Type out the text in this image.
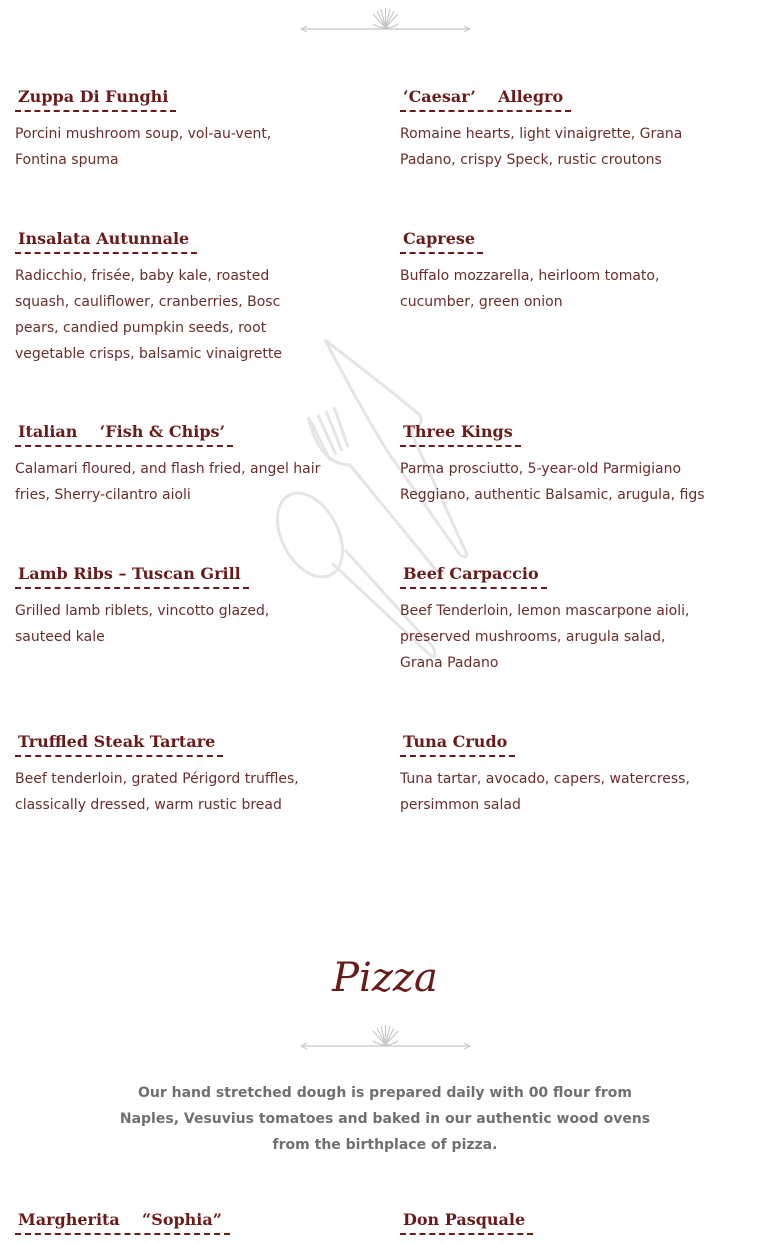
Zuppa Di Funghi
Porcini mushroom soup, vol-au-vent, Fontina spuma
‘Caesar’    Allegro
Romaine hearts, light vinaigrette, Grana Padano, crispy Speck, rustic croutons
Insalata Autunnale
Radicchio, frisée, baby kale, roasted squash, cauliflower, cranberries, Bosc pears, candied pumpkin seeds, root vegetable crisps, balsamic vinaigrette
Caprese
Buffalo mozzarella, heirloom tomato, cucumber, green onion
Italian    ‘Fish & Chips’
Calamari floured, and flash fried, angel hair fries, Sherry-cilantro aioli
Three Kings
Parma prosciutto, 5-year-old Parmigiano Reggiano, authentic Balsamic, arugula, figs
Lamb Ribs – Tuscan Grill
Grilled lamb riblets, vincotto glazed, sauteed kale
Beef Carpaccio
Beef Tenderloin, lemon mascarpone aioli, preserved mushrooms, arugula salad, Grana Padano
Truffled Steak Tartare
Beef tenderloin, grated Périgord truffles, classically dressed, warm rustic bread
Tuna Crudo
Tuna tartar, avocado, capers, watercress, persimmon salad
Pizza
Our hand stretched dough is prepared daily with 00 flour from Naples, Vesuvius tomatoes and baked in our authentic wood ovens from the birthplace of pizza.
Margherita    “Sophia”	Don Pasquale
